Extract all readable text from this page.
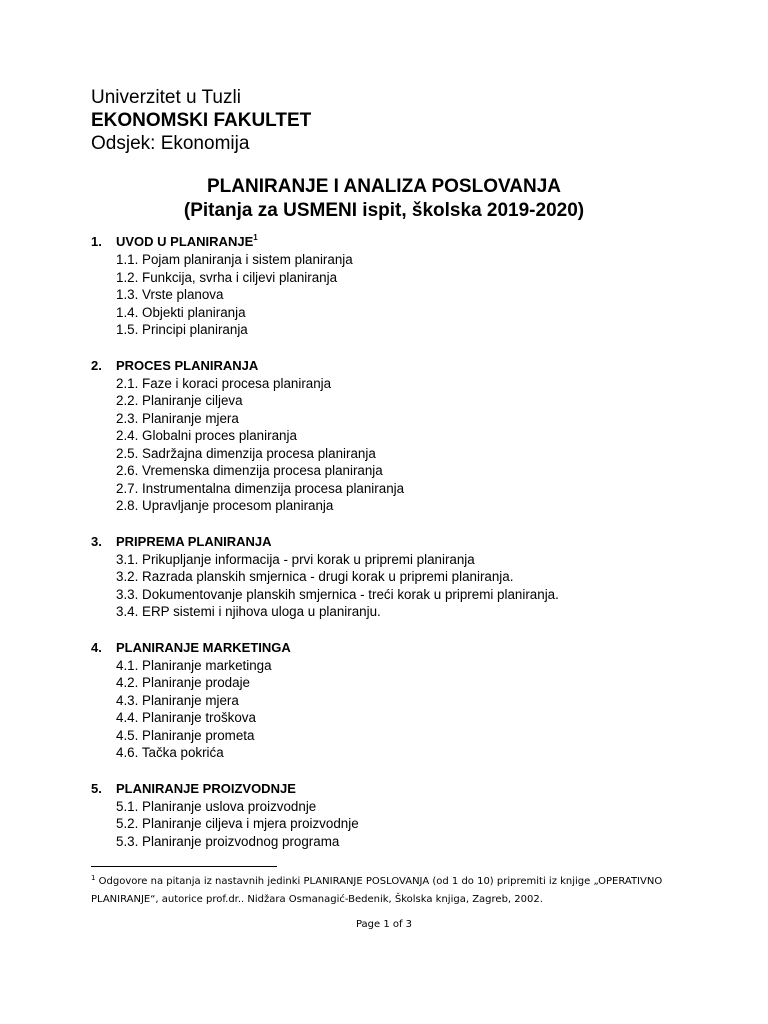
Univerzitet u Tuzli
EKONOMSKI FAKULTET
Odsjek: Ekonomija
PLANIRANJE I ANALIZA POSLOVANJA
(Pitanja za USMENI ispit, školska 2019-2020)
1. UVOD U PLANIRANJE$^1$
1.1. Pojam planiranja i sistem planiranja
1.2. Funkcija, svrha i ciljevi planiranja
1.3. Vrste planova
1.4. Objekti planiranja
1.5. Principi planiranja
2. PROCES PLANIRANJA
2.1. Faze i koraci procesa planiranja
2.2. Planiranje ciljeva
2.3. Planiranje mjera
2.4. Globalni proces planiranja
2.5. Sadržajna dimenzija procesa planiranja
2.6. Vremenska dimenzija procesa planiranja
2.7. Instrumentalna dimenzija procesa planiranja
2.8. Upravljanje procesom planiranja
3. PRIPREMA PLANIRANJA
3.1. Prikupljanje informacija - prvi korak u pripremi planiranja
3.2. Razrada planskih smjernica - drugi korak u pripremi planiranja.
3.3. Dokumentovanje planskih smjernica - treći korak u pripremi planiranja.
3.4. ERP sistemi i njihova uloga u planiranju.
4. PLANIRANJE MARKETINGA
4.1. Planiranje marketinga
4.2. Planiranje prodaje
4.3. Planiranje mjera
4.4. Planiranje troškova
4.5. Planiranje prometa
4.6. Tačka pokrića
5. PLANIRANJE PROIZVODNJE
5.1. Planiranje uslova proizvodnje
5.2. Planiranje ciljeva i mjera proizvodnje
5.3. Planiranje proizvodnog programa
$^1$ Odgovore na pitanja iz nastavnih jedinki PLANIRANJE POSLOVANJA (od 1 do 10) pripremiti iz knjige „OPERATIVNO
PLANIRANJE“, autorice prof.dr.. Nidžara Osmanagić-Bedenik, Školska knjiga, Zagreb, 2002.
Page 1 of 3
